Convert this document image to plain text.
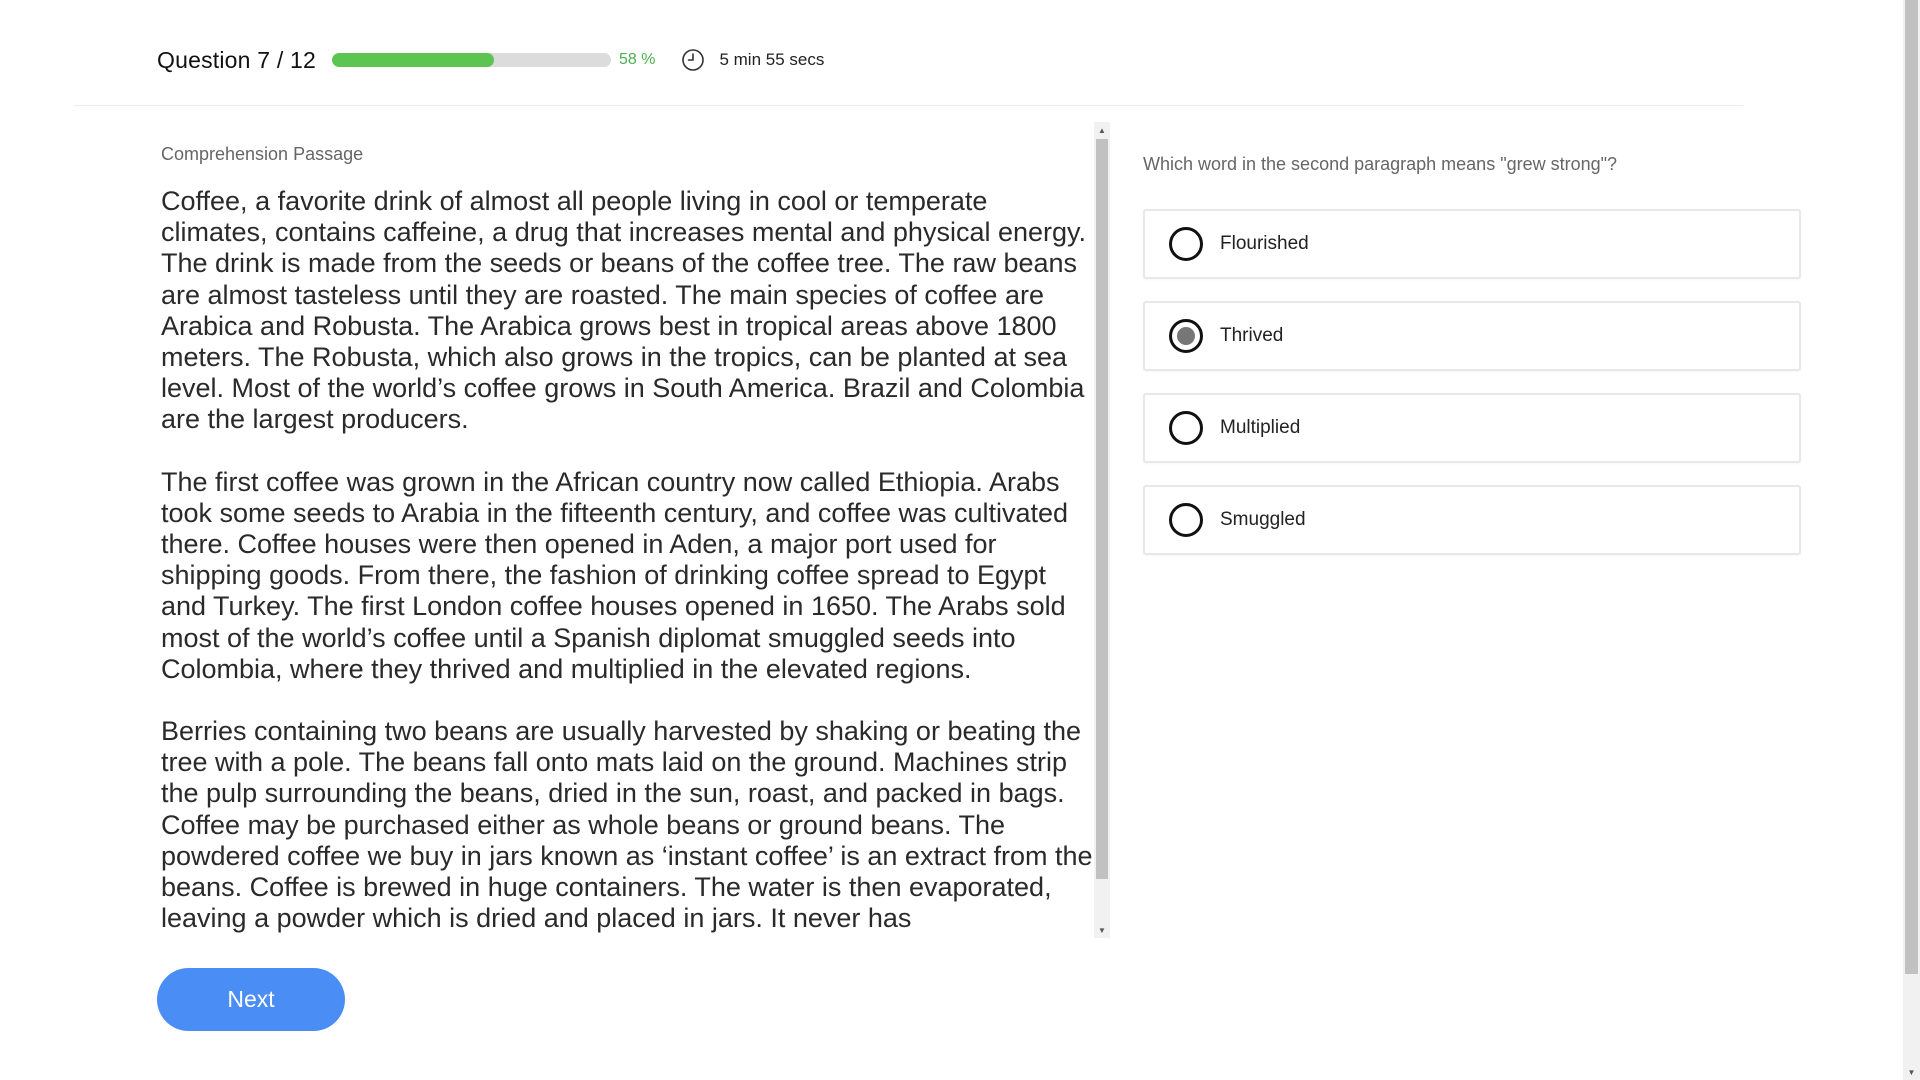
Question 7 / 12	58 %	5 min 55 secs
Comprehension Passage

Coffee, a favorite drink of almost all people living in cool or temperate climates, contains caffeine, a drug that increases mental and physical energy. The drink is made from the seeds or beans of the coffee tree. The raw beans are almost tasteless until they are roasted. The main species of coffee are Arabica and Robusta. The Arabica grows best in tropical areas above 1800 meters. The Robusta, which also grows in the tropics, can be planted at sea level. Most of the world’s coffee grows in South America. Brazil and Colombia are the largest producers.

The first coffee was grown in the African country now called Ethiopia. Arabs took some seeds to Arabia in the fifteenth century, and coffee was cultivated there. Coffee houses were then opened in Aden, a major port used for shipping goods. From there, the fashion of drinking coffee spread to Egypt and Turkey. The first London coffee houses opened in 1650. The Arabs sold most of the world’s coffee until a Spanish diplomat smuggled seeds into Colombia, where they thrived and multiplied in the elevated regions.

Berries containing two beans are usually harvested by shaking or beating the tree with a pole. The beans fall onto mats laid on the ground. Machines strip the pulp surrounding the beans, dried in the sun, roast, and packed in bags. Coffee may be purchased either as whole beans or ground beans. The powdered coffee we buy in jars known as ‘instant coffee’ is an extract from the beans. Coffee is brewed in huge containers. The water is then evaporated, leaving a powder which is dried and placed in jars. It never has

▲
▼
Next
Which word in the second paragraph means "grew strong"?
Flourished
Thrived
Multiplied
Smuggled
▼
